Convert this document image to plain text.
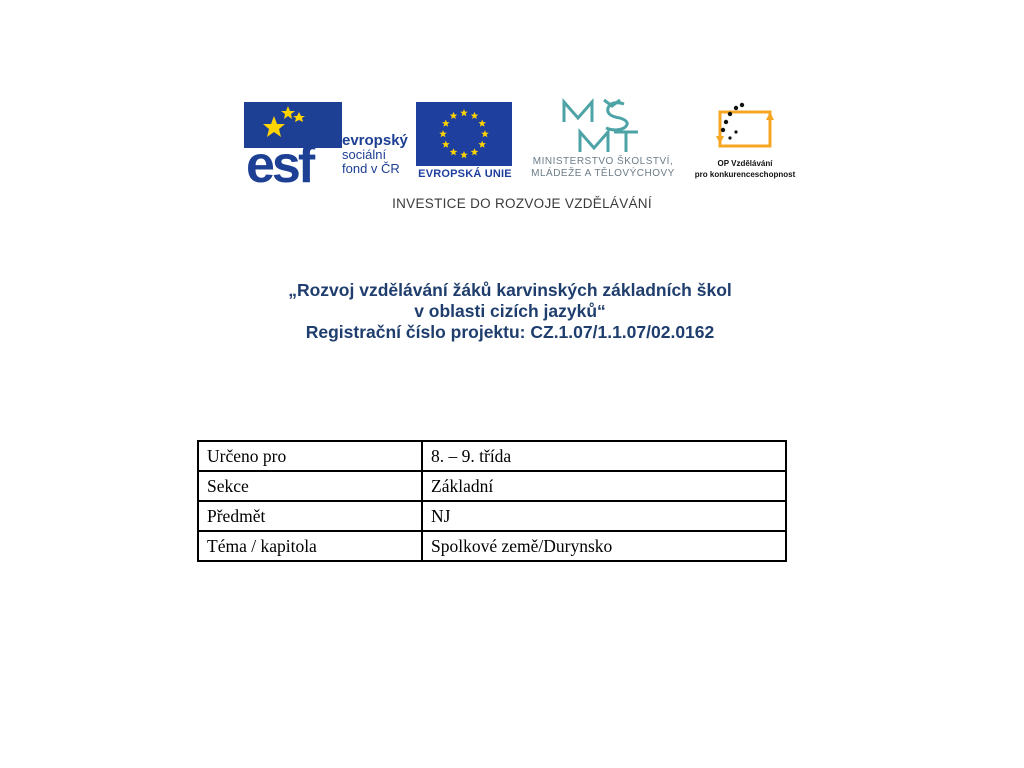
esf evropský
sociální
fond v ČR	EVROPSKÁ UNIE
MINISTERSTVO ŠKOLSTVÍ,
MLÁDEŽE A TĚLOVÝCHOVY
OP Vzdělávání
pro konkurenceschopnost
INVESTICE DO ROZVOJE VZDĚLÁVÁNÍ
„Rozvoj vzdělávání žáků karvinských základních škol
v oblasti cizích jazyků“
Registrační číslo projektu: CZ.1.07/1.1.07/02.0162
Určeno pro	8. – 9. třída
Sekce	Základní
Předmět	NJ
Téma / kapitola	Spolkové země/Durynsko
